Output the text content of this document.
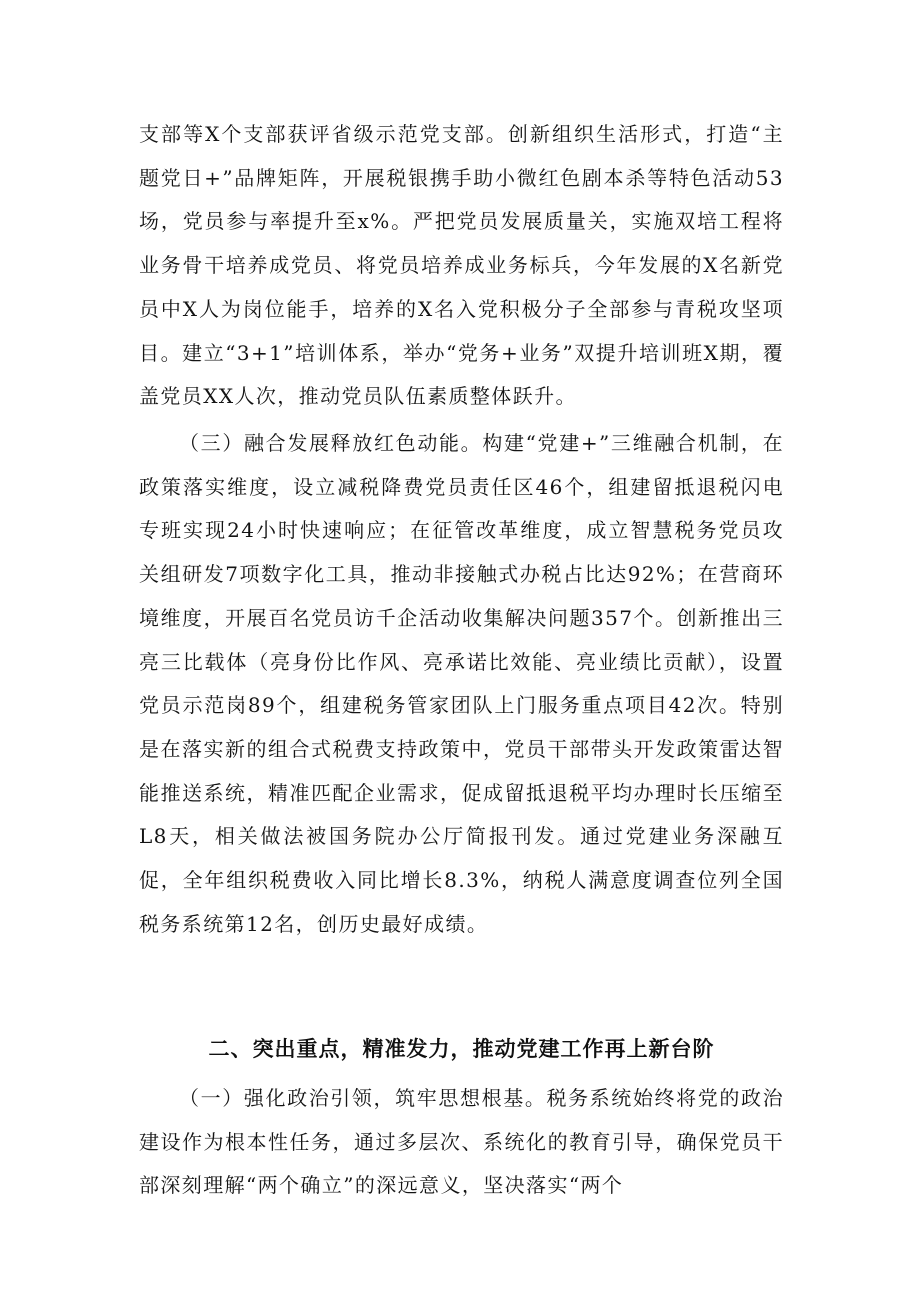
支部等X个支部获评省级示范党支部。创新组织生活形式，打造“主题党日+”品牌矩阵，开展税银携手助小微红色剧本杀等特色活动53场，党员参与率提升至x%。严把党员发展质量关，实施双培工程将业务骨干培养成党员、将党员培养成业务标兵，今年发展的X名新党员中X人为岗位能手，培养的X名入党积极分子全部参与青税攻坚项目。建立“3+1”培训体系，举办“党务+业务”双提升培训班X期，覆盖党员XX人次，推动党员队伍素质整体跃升。

（三）融合发展释放红色动能。构建“党建+”三维融合机制，在政策落实维度，设立减税降费党员责任区46个，组建留抵退税闪电专班实现24小时快速响应；在征管改革维度，成立智慧税务党员攻关组研发7项数字化工具，推动非接触式办税占比达92%；在营商环境维度，开展百名党员访千企活动收集解决问题357个。创新推出三亮三比载体（亮身份比作风、亮承诺比效能、亮业绩比贡献），设置党员示范岗89个，组建税务管家团队上门服务重点项目42次。特别是在落实新的组合式税费支持政策中，党员干部带头开发政策雷达智能推送系统，精准匹配企业需求，促成留抵退税平均办理时长压缩至L8天，相关做法被国务院办公厅简报刊发。通过党建业务深融互促，全年组织税费收入同比增长8.3%，纳税人满意度调查位列全国税务系统第12名，创历史最好成绩。

二、突出重点，精准发力，推动党建工作再上新台阶

（一）强化政治引领，筑牢思想根基。税务系统始终将党的政治建设作为根本性任务，通过多层次、系统化的教育引导，确保党员干部深刻理解“两个确立”的深远意义，坚决落实“两个
